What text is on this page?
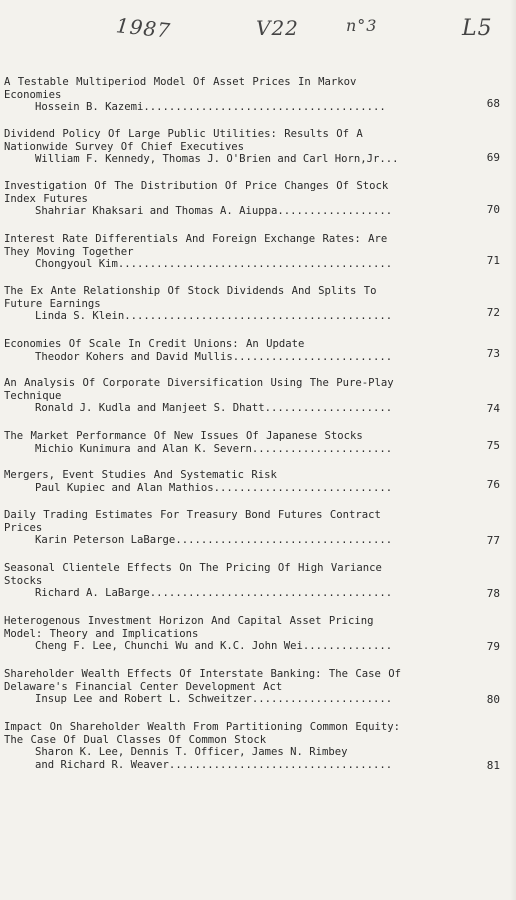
1987	V22	n°3	L5
A Testable Multiperiod Model Of Asset Prices In Markov Economies
Hossein B. Kazemi......................................	68
Dividend Policy Of Large Public Utilities: Results Of A Nationwide Survey Of Chief Executives
William F. Kennedy, Thomas J. O'Brien and Carl Horn,Jr...	69
Investigation Of The Distribution Of Price Changes Of Stock Index Futures
Shahriar Khaksari and Thomas A. Aiuppa..................	70
Interest Rate Differentials And Foreign Exchange Rates: Are They Moving Together
Chongyoul Kim...........................................	71
The Ex Ante Relationship Of Stock Dividends And Splits To Future Earnings
Linda S. Klein..........................................	72
Economies Of Scale In Credit Unions: An Update
Theodor Kohers and David Mullis.........................	73
An Analysis Of Corporate Diversification Using The Pure-Play Technique
Ronald J. Kudla and Manjeet S. Dhatt....................	74
The Market Performance Of New Issues Of Japanese Stocks
Michio Kunimura and Alan K. Severn......................	75
Mergers, Event Studies And Systematic Risk
Paul Kupiec and Alan Mathios............................	76
Daily Trading Estimates For Treasury Bond Futures Contract Prices
Karin Peterson LaBarge..................................	77
Seasonal Clientele Effects On The Pricing Of High Variance Stocks
Richard A. LaBarge......................................	78
Heterogenous Investment Horizon And Capital Asset Pricing Model: Theory and Implications
Cheng F. Lee, Chunchi Wu and K.C. John Wei..............	79
Shareholder Wealth Effects Of Interstate Banking: The Case Of Delaware's Financial Center Development Act
Insup Lee and Robert L. Schweitzer......................	80
Impact On Shareholder Wealth From Partitioning Common Equity: The Case Of Dual Classes Of Common Stock
Sharon K. Lee, Dennis T. Officer, James N. Rimbey
and Richard R. Weaver...................................	81
